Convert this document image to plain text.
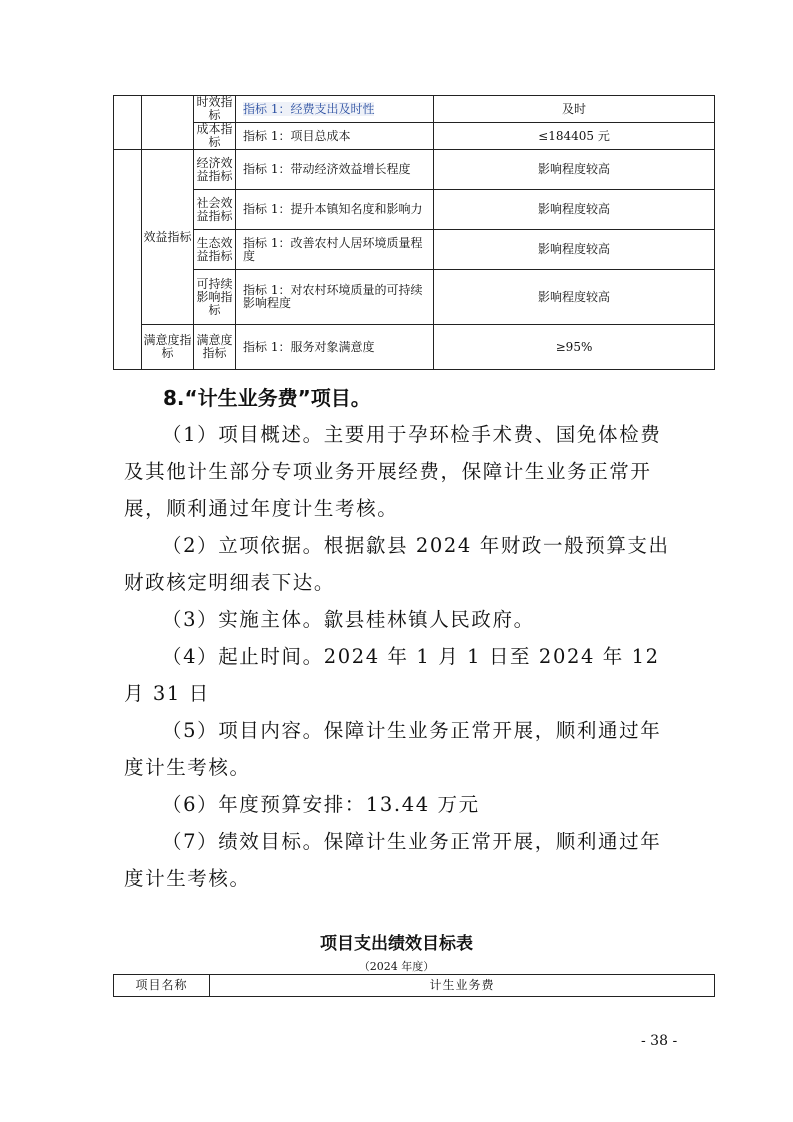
		时效指标	指标 1：经费支出及时性	及时
		成本指标	指标 1：项目总成本	≤184405 元
	效益指标	经济效益指标	指标 1：带动经济效益增长程度	影响程度较高
		社会效益指标	指标 1：提升本镇知名度和影响力	影响程度较高
		生态效益指标	指标 1：改善农村人居环境质量程度	影响程度较高
		可持续影响指标	指标 1：对农村环境质量的可持续影响程度	影响程度较高
	满意度指标	满意度指标	指标 1：服务对象满意度	≥95%
8.“计生业务费”项目。
（1）项目概述。主要用于孕环检手术费、国免体检费及其他计生部分专项业务开展经费，保障计生业务正常开展，顺利通过年度计生考核。
（2）立项依据。根据歙县 2024 年财政一般预算支出财政核定明细表下达。
（3）实施主体。歙县桂林镇人民政府。
（4）起止时间。2024 年 1 月 1 日至 2024 年 12 月 31 日
（5）项目内容。保障计生业务正常开展，顺利通过年度计生考核。
（6）年度预算安排：13.44 万元
（7）绩效目标。保障计生业务正常开展，顺利通过年度计生考核。
项目支出绩效目标表
（2024 年度）
项目名称	计生业务费
- 38 -
